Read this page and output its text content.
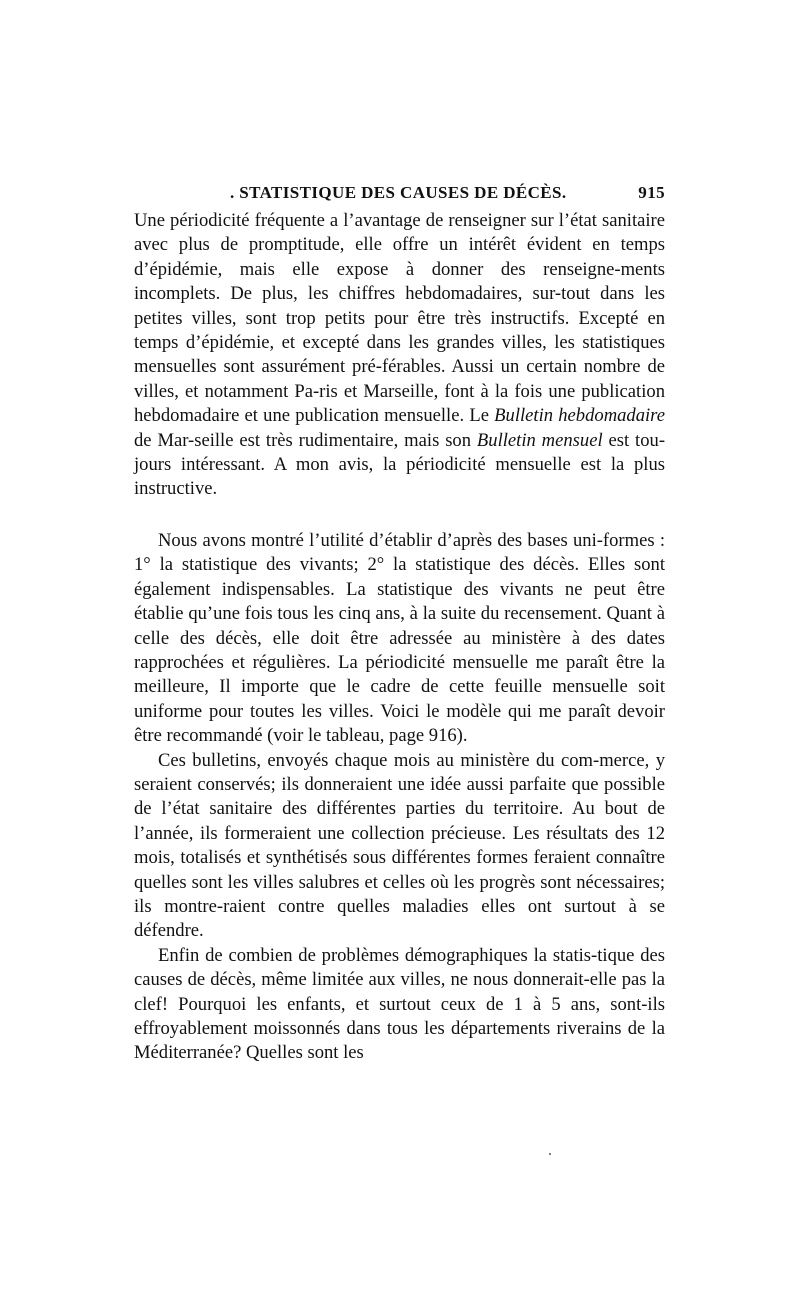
. STATISTIQUE DES CAUSES DE DÉCÈS.	915

Une périodicité fréquente a l’avantage de renseigner sur l’état sanitaire avec plus de promptitude, elle offre un intérêt évident en temps d’épidémie, mais elle expose à donner des renseigne-ments incomplets. De plus, les chiffres hebdomadaires, sur-tout dans les petites villes, sont trop petits pour être très instructifs. Excepté en temps d’épidémie, et excepté dans les grandes villes, les statistiques mensuelles sont assurément pré-férables. Aussi un certain nombre de villes, et notamment Pa-ris et Marseille, font à la fois une publication hebdomadaire et une publication mensuelle. Le Bulletin hebdomadaire de Mar-seille est très rudimentaire, mais son Bulletin mensuel est tou-jours intéressant. A mon avis, la périodicité mensuelle est la plus instructive.

Nous avons montré l’utilité d’établir d’après des bases uni-formes : 1° la statistique des vivants; 2° la statistique des décès. Elles sont également indispensables. La statistique des vivants ne peut être établie qu’une fois tous les cinq ans, à la suite du recensement. Quant à celle des décès, elle doit être adressée au ministère à des dates rapprochées et régulières. La périodicité mensuelle me paraît être la meilleure, Il importe que le cadre de cette feuille mensuelle soit uniforme pour toutes les villes. Voici le modèle qui me paraît devoir être recommandé (voir le tableau, page 916).

Ces bulletins, envoyés chaque mois au ministère du com-merce, y seraient conservés; ils donneraient une idée aussi parfaite que possible de l’état sanitaire des différentes parties du territoire. Au bout de l’année, ils formeraient une collection précieuse. Les résultats des 12 mois, totalisés et synthétisés sous différentes formes feraient connaître quelles sont les villes salubres et celles où les progrès sont nécessaires; ils montre-raient contre quelles maladies elles ont surtout à se défendre.

Enfin de combien de problèmes démographiques la statis-tique des causes de décès, même limitée aux villes, ne nous donnerait-elle pas la clef! Pourquoi les enfants, et surtout ceux de 1 à 5 ans, sont-ils effroyablement moissonnés dans tous les départements riverains de la Méditerranée? Quelles sont les
